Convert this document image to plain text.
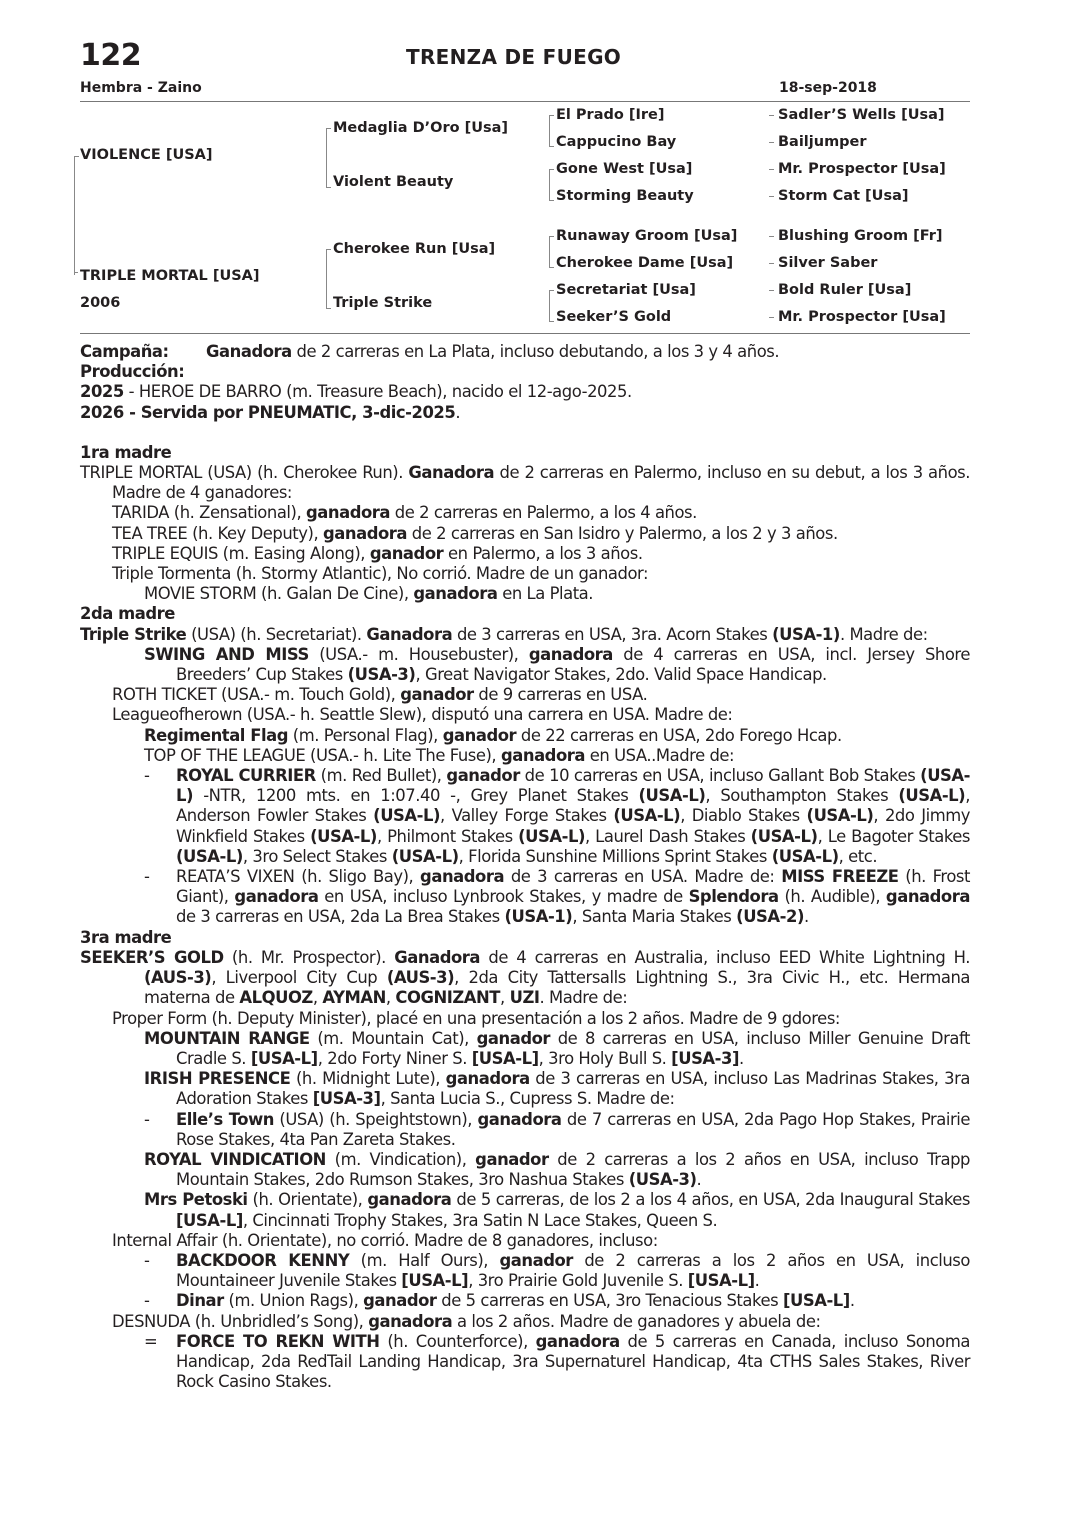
122	TRENZA DE FUEGO
Hembra - Zaino	18-sep-2018
VIOLENCE [USA]
TRIPLE MORTAL [USA]
2006
Medaglia D’Oro [Usa]
Violent Beauty
Cherokee Run [Usa]
Triple Strike
El Prado [Ire]
Cappucino Bay
Gone West [Usa]
Storming Beauty
Runaway Groom [Usa]
Cherokee Dame [Usa]
Secretariat [Usa]
Seeker’S Gold
Sadler’S Wells [Usa]
Bailjumper
Mr. Prospector [Usa]
Storm Cat [Usa]
Blushing Groom [Fr]
Silver Saber
Bold Ruler [Usa]
Mr. Prospector [Usa]

Campaña: Ganadora de 2 carreras en La Plata, incluso debutando, a los 3 y 4 años.

Producción:

2025 - HEROE DE BARRO (m. Treasure Beach), nacido el 12-ago-2025.

2026 - Servida por PNEUMATIC, 3-dic-2025.

1ra madre

TRIPLE MORTAL (USA) (h. Cherokee Run). Ganadora de 2 carreras en Palermo, incluso en su debut, a los 3 años. Madre de 4 ganadores:

TARIDA (h. Zensational), ganadora de 2 carreras en Palermo, a los 4 años.

TEA TREE (h. Key Deputy), ganadora de 2 carreras en San Isidro y Palermo, a los 2 y 3 años.

TRIPLE EQUIS (m. Easing Along), ganador en Palermo, a los 3 años.

Triple Tormenta (h. Stormy Atlantic), No corrió. Madre de un ganador:

MOVIE STORM (h. Galan De Cine), ganadora en La Plata.

2da madre

Triple Strike (USA) (h. Secretariat). Ganadora de 3 carreras en USA, 3ra. Acorn Stakes (USA-1). Madre de:

SWING AND MISS (USA.- m. Housebuster), ganadora de 4 carreras en USA, incl. Jersey Shore Breeders’ Cup Stakes (USA-3), Great Navigator Stakes, 2do. Valid Space Handicap.

ROTH TICKET (USA.- m. Touch Gold), ganador de 9 carreras en USA.

Leagueofherown (USA.- h. Seattle Slew), disputó una carrera en USA. Madre de:

Regimental Flag (m. Personal Flag), ganador de 22 carreras en USA, 2do Forego Hcap.

TOP OF THE LEAGUE (USA.- h. Lite The Fuse), ganadora en USA..Madre de:

- ROYAL CURRIER (m. Red Bullet), ganador de 10 carreras en USA, incluso Gallant Bob Stakes (USA-L) -NTR, 1200 mts. en 1:07.40 -, Grey Planet Stakes (USA-L), Southampton Stakes (USA-L), Anderson Fowler Stakes (USA-L), Valley Forge Stakes (USA-L), Diablo Stakes (USA-L), 2do Jimmy Winkfield Stakes (USA-L), Philmont Stakes (USA-L), Laurel Dash Stakes (USA-L), Le Bagoter Stakes (USA-L), 3ro Select Stakes (USA-L), Florida Sunshine Millions Sprint Stakes (USA-L), etc.

- REATA’S VIXEN (h. Sligo Bay), ganadora de 3 carreras en USA. Madre de: MISS FREEZE (h. Frost Giant), ganadora en USA, incluso Lynbrook Stakes, y madre de Splendora (h. Audible), ganadora de 3 carreras en USA, 2da La Brea Stakes (USA-1), Santa Maria Stakes (USA-2).

3ra madre

SEEKER’S GOLD (h. Mr. Prospector). Ganadora de 4 carreras en Australia, incluso EED White Lightning H. (AUS-3), Liverpool City Cup (AUS-3), 2da City Tattersalls Lightning S., 3ra Civic H., etc. Hermana materna de ALQUOZ, AYMAN, COGNIZANT, UZI. Madre de:

Proper Form (h. Deputy Minister), placé en una presentación a los 2 años. Madre de 9 gdores:

MOUNTAIN RANGE (m. Mountain Cat), ganador de 8 carreras en USA, incluso Miller Genuine Draft Cradle S. [USA-L], 2do Forty Niner S. [USA-L], 3ro Holy Bull S. [USA-3].

IRISH PRESENCE (h. Midnight Lute), ganadora de 3 carreras en USA, incluso Las Madrinas Stakes, 3ra Adoration Stakes [USA-3], Santa Lucia S., Cupress S. Madre de:

- Elle’s Town (USA) (h. Speightstown), ganadora de 7 carreras en USA, 2da Pago Hop Stakes, Prairie Rose Stakes, 4ta Pan Zareta Stakes.

ROYAL VINDICATION (m. Vindication), ganador de 2 carreras a los 2 años en USA, incluso Trapp Mountain Stakes, 2do Rumson Stakes, 3ro Nashua Stakes (USA-3).

Mrs Petoski (h. Orientate), ganadora de 5 carreras, de los 2 a los 4 años, en USA, 2da Inaugural Stakes [USA-L], Cincinnati Trophy Stakes, 3ra Satin N Lace Stakes, Queen S.

Internal Affair (h. Orientate), no corrió. Madre de 8 ganadores, incluso:

- BACKDOOR KENNY (m. Half Ours), ganador de 2 carreras a los 2 años en USA, incluso Mountaineer Juvenile Stakes [USA-L], 3ro Prairie Gold Juvenile S. [USA-L].

- Dinar (m. Union Rags), ganador de 5 carreras en USA, 3ro Tenacious Stakes [USA-L].

DESNUDA (h. Unbridled’s Song), ganadora a los 2 años. Madre de ganadores y abuela de:

= FORCE TO REKN WITH (h. Counterforce), ganadora de 5 carreras en Canada, incluso Sonoma Handicap, 2da RedTail Landing Handicap, 3ra Supernaturel Handicap, 4ta CTHS Sales Stakes, River Rock Casino Stakes.
